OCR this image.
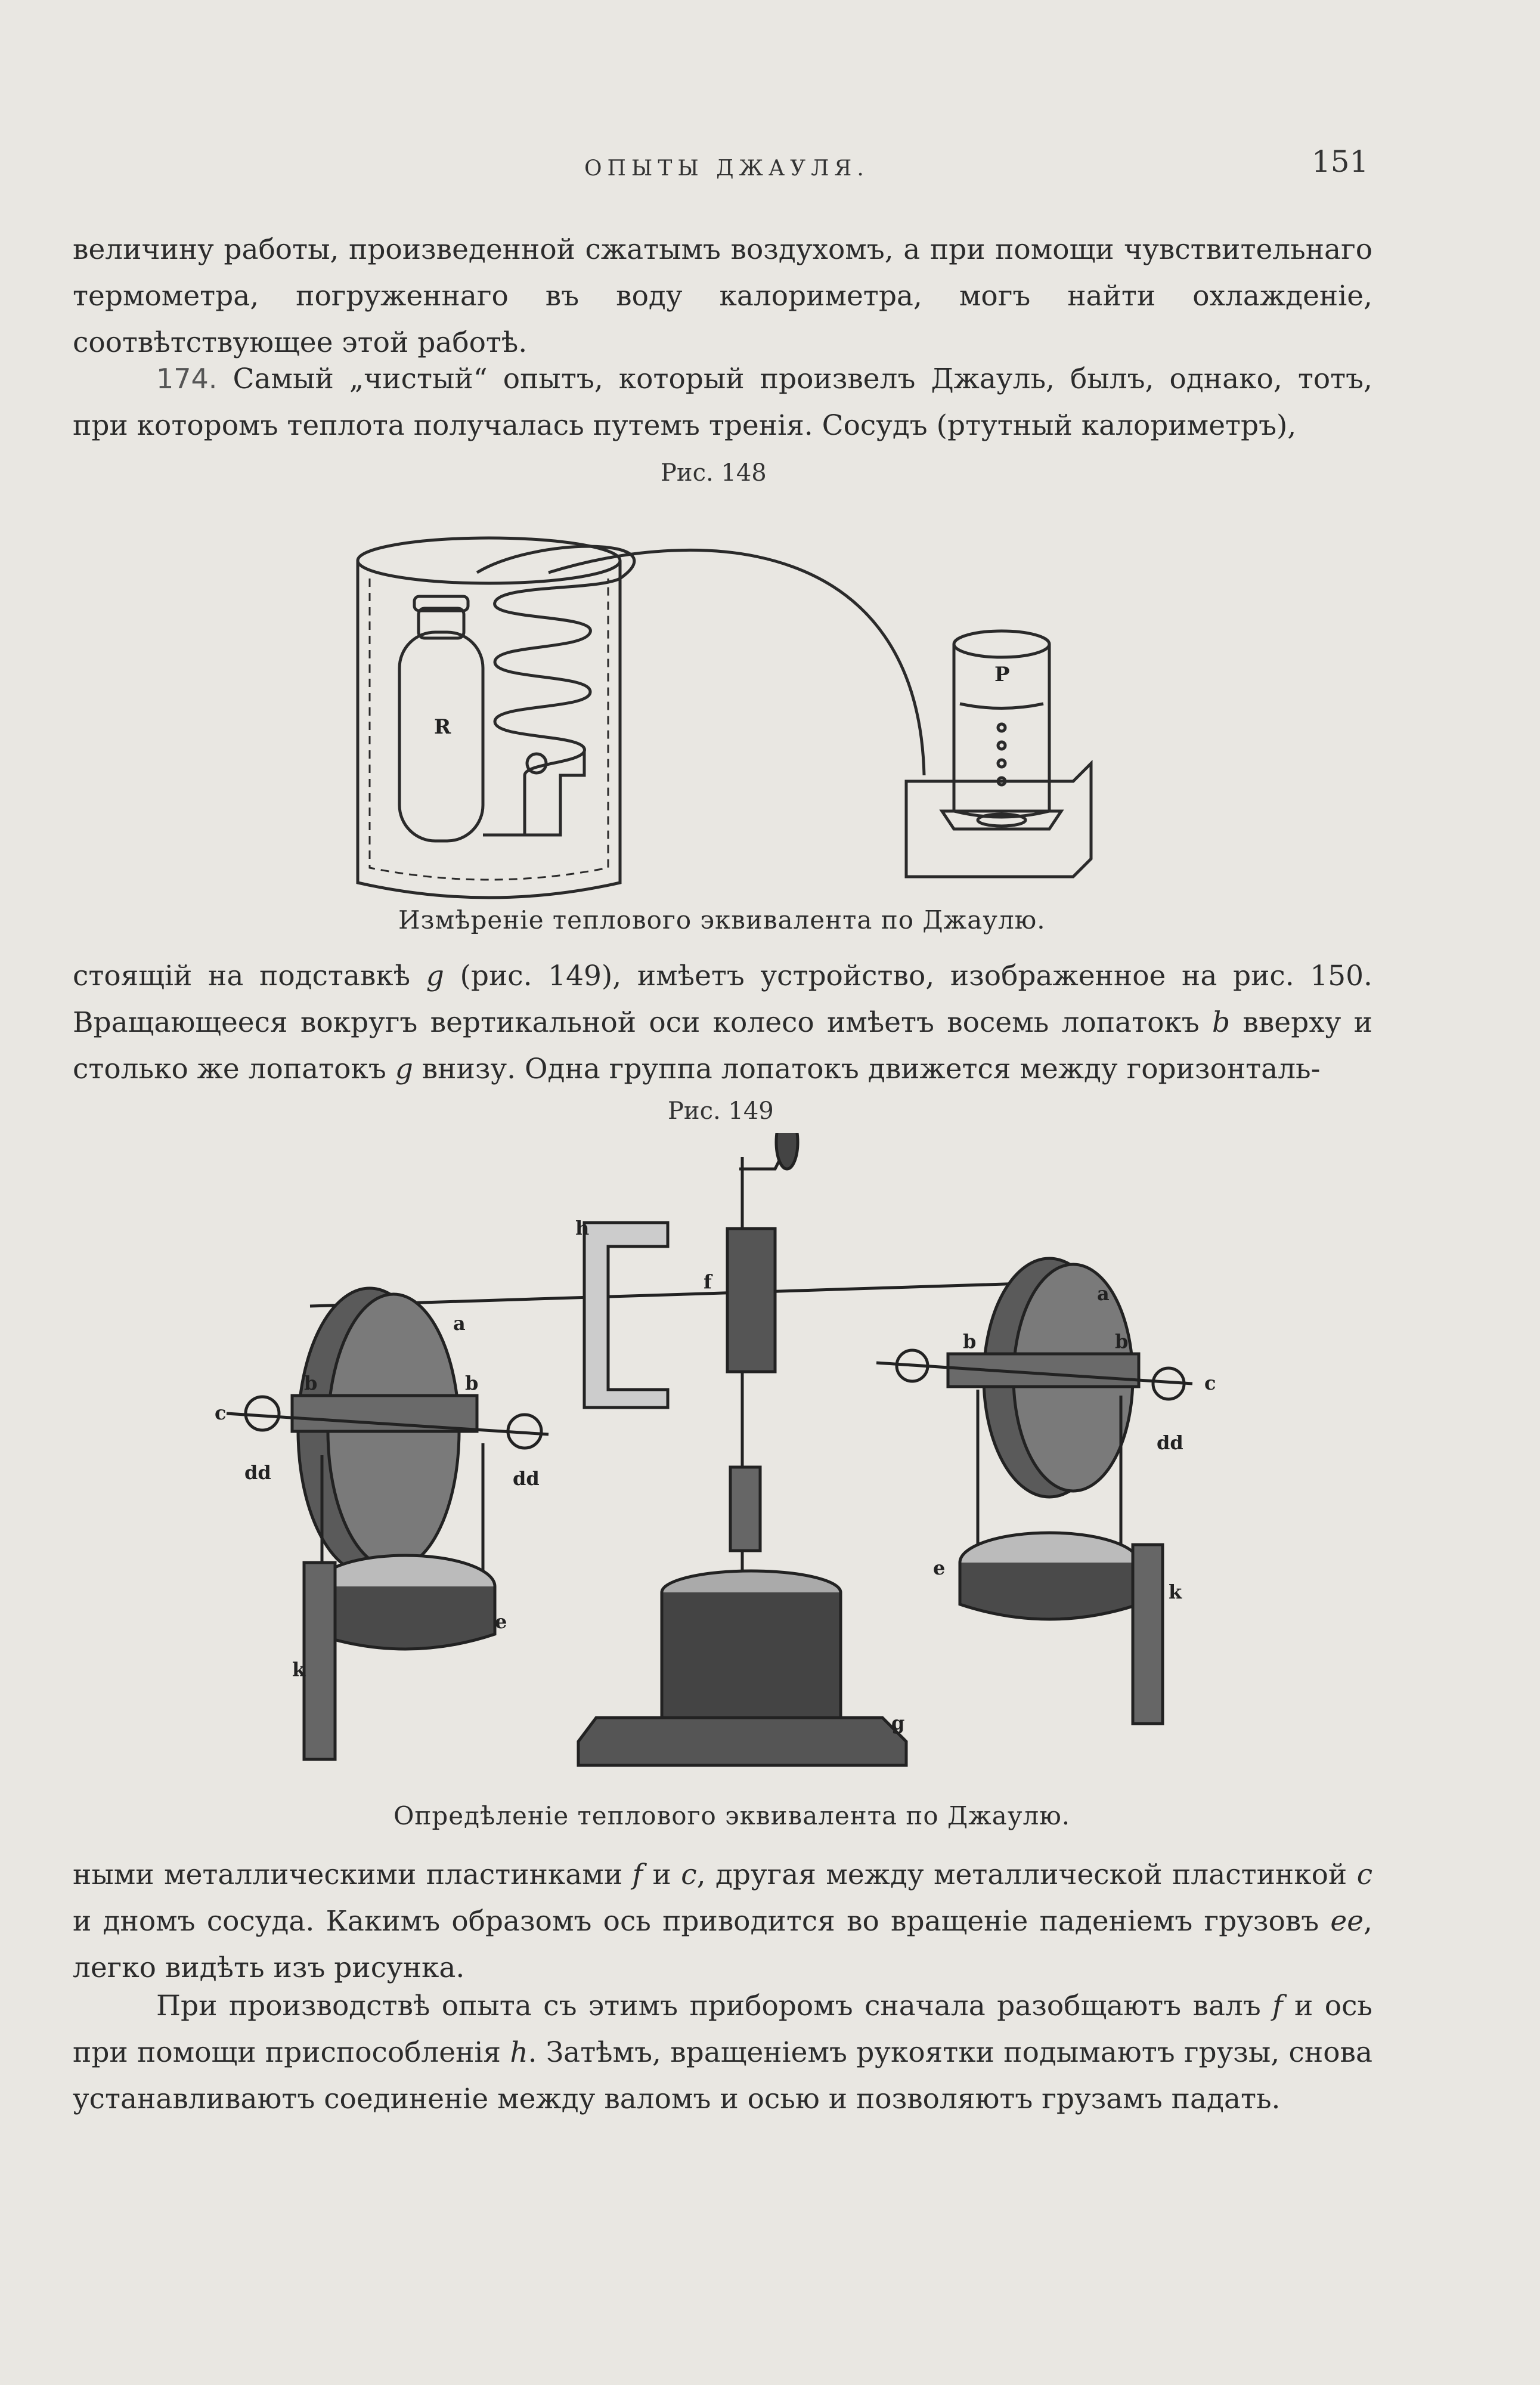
ОПЫТЫ ДЖАУЛЯ.	151

величину работы, произведенной сжатымъ воздухомъ, а при помощи чувствительнаго термометра, погруженнаго въ воду калориметра, могъ найти охлажденіе, соотвѣтствующее этой работѣ.

174. Самый „чистый“ опытъ, который произвелъ Джауль, былъ, однако, тотъ, при которомъ теплота получалась путемъ тренія. Сосудъ (ртутный калориметръ),

Рис. 148
R
P
Измѣреніе теплового эквивалента по Джаулю.

стоящій на подставкѣ g (рис. 149), имѣетъ устройство, изображенное на рис. 150. Вращающееся вокругъ вертикальной оси колесо имѣетъ восемь лопатокъ b вверху и столько же лопатокъ g внизу. Одна группа лопатокъ движется между горизонталь-

Рис. 149
h
f
g
a
b	b
c
dd	dd
e
k
a
b	b
c
dd
e
k
Опредѣленіе теплового эквивалента по Джаулю.

ными металлическими пластинками f и c, другая между металлической пластинкой c и дномъ сосуда. Какимъ образомъ ось приводится во вращеніе паденіемъ грузовъ ee, легко видѣть изъ рисунка.

При производствѣ опыта съ этимъ приборомъ сначала разобщаютъ валъ f и ось при помощи приспособленія h. Затѣмъ, вращеніемъ рукоятки подымаютъ грузы, снова устанавливаютъ соединеніе между валомъ и осью и позволяютъ грузамъ падать.
